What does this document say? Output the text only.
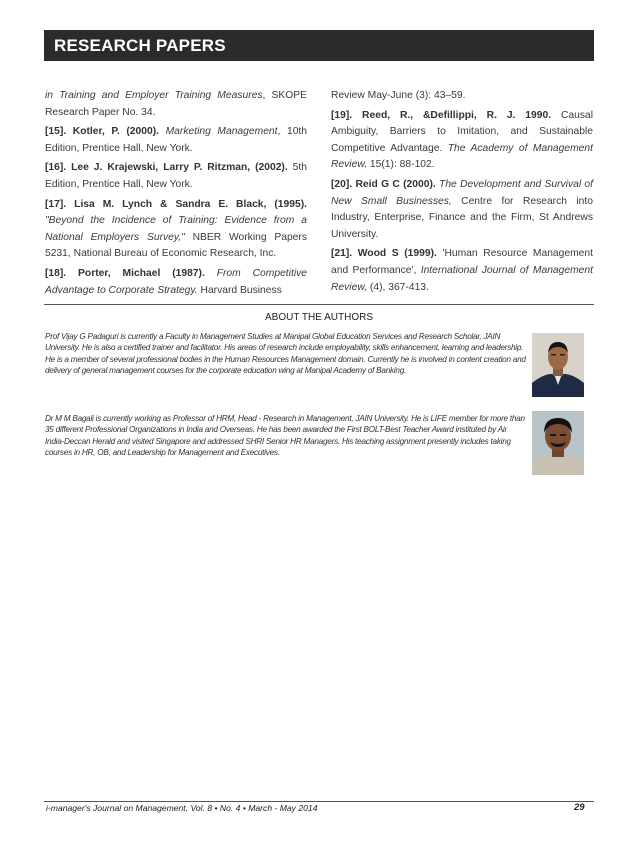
RESEARCH PAPERS

in Training and Employer Training Measures, SKOPE Research Paper No. 34.

[15]. Kotler, P. (2000). Marketing Management, 10th Edition, Prentice Hall, New York.

[16]. Lee J. Krajewski, Larry P. Ritzman, (2002). 5th Edition, Prentice Hall, New York.

[17]. Lisa M. Lynch & Sandra E. Black, (1995). "Beyond the Incidence of Training: Evidence from a National Employers Survey," NBER Working Papers 5231, National Bureau of Economic Research, Inc.

[18]. Porter, Michael (1987). From Competitive Advantage to Corporate Strategy. Harvard Business

Review May-June (3): 43–59.

[19]. Reed, R., &Defillippi, R. J. 1990. Causal Ambiguity, Barriers to Imitation, and Sustainable Competitive Advantage. The Academy of Management Review, 15(1): 88-102.

[20]. Reid G C (2000). The Development and Survival of New Small Businesses, Centre for Research into Industry, Enterprise, Finance and the Firm, St Andrews University.

[21]. Wood S (1999). 'Human Resource Management and Performance', International Journal of Management Review, (4), 367-413.

ABOUT THE AUTHORS
Prof Vijay G Padaguri is currently a Faculty in Management Studies at Manipal Global Education Services and Research Scholar, JAIN University. He is also a certified trainer and facilitator. His areas of research include employability, skills enhancement, learning and leadership. He is a member of several professional bodies in the Human Resources Management domain. Currently he is involved in content creation and delivery of general management courses for the corporate education wing at Manipal Academy of Banking.
Dr M M Bagali is currently working as Professor of HRM, Head - Research in Management, JAIN University. He is LIFE member for more than 35 different Professional Organizations in India and Overseas. He has been awarded the First BOLT-Best Teacher Award instituted by Air India-Deccan Herald and visited Singapore and addressed SHRI Senior HR Managers. His teaching assignment presently includes taking courses in HR, OB, and Leadership for Management and Executives.
i-manager's Journal on Management, Vol. 8 • No. 4 • March - May 2014	29
